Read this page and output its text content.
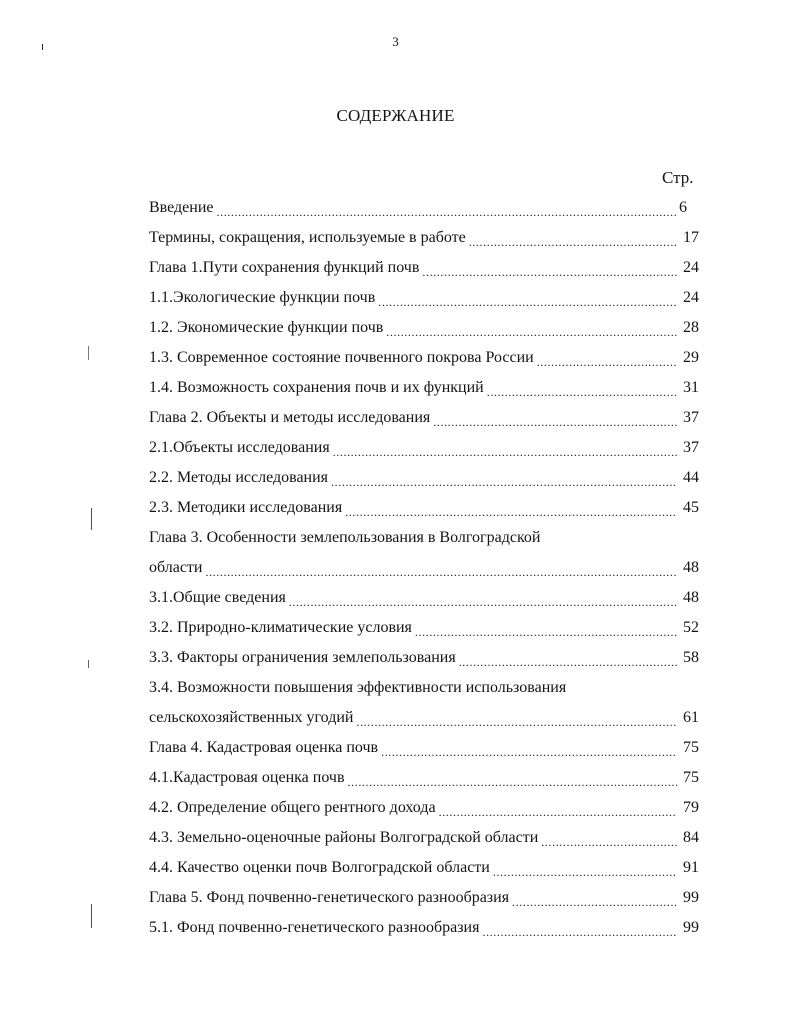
3
СОДЕРЖАНИЕ
Стр.
Введение .....	6
Термины, сокращения, используемые в работе .....	17
Глава 1.Пути сохранения функций почв .....	24
1.1.Экологические функции почв .....	24
1.2. Экономические функции почв .....	28
1.3. Современное состояние почвенного покрова России .....	29
1.4. Возможность сохранения почв и их функций .....	31
Глава 2. Объекты и методы исследования .....	37
2.1.Объекты исследования .....	37
2.2. Методы исследования .....	44
2.3. Методики исследования .....	45
Глава 3. Особенности землепользования в Волгоградской
области .....	48
3.1.Общие сведения .....	48
3.2. Природно-климатические условия .....	52
3.3. Факторы ограничения землепользования .....	58
3.4. Возможности повышения эффективности использования
сельскохозяйственных угодий .....	61
Глава 4. Кадастровая оценка почв .....	75
4.1.Кадастровая оценка почв .....	75
4.2. Определение общего рентного дохода .....	79
4.3. Земельно-оценочные районы Волгоградской области .....	84
4.4. Качество оценки почв Волгоградской области .....	91
Глава 5. Фонд почвенно-генетического разнообразия .....	99
5.1. Фонд почвенно-генетического разнообразия .....	99
